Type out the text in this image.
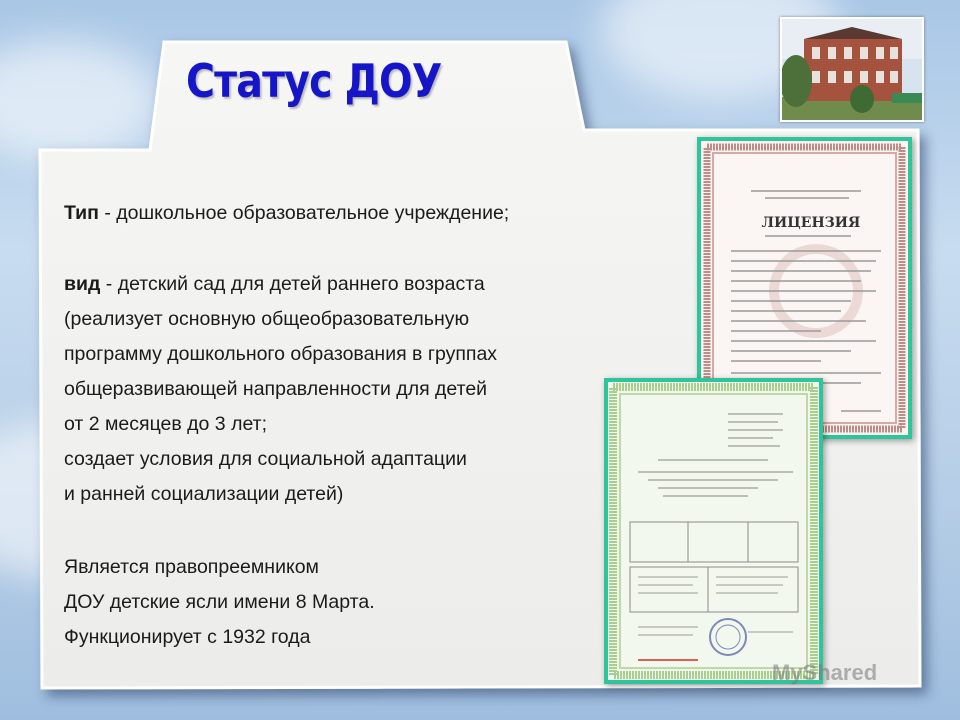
Статус ДОУ
Тип - дошкольное образовательное учреждение;
вид - детский сад для детей раннего возраста
(реализует основную общеобразовательную
программу дошкольного образования в группах
общеразвивающей направленности для детей
от 2 месяцев до 3 лет;
создает условия для социальной адаптации
и ранней социализации детей)
Является правопреемником
ДОУ детские ясли имени 8 Марта.
Функционирует с 1932 года
ЛИЦЕНЗИЯ
MyShared
